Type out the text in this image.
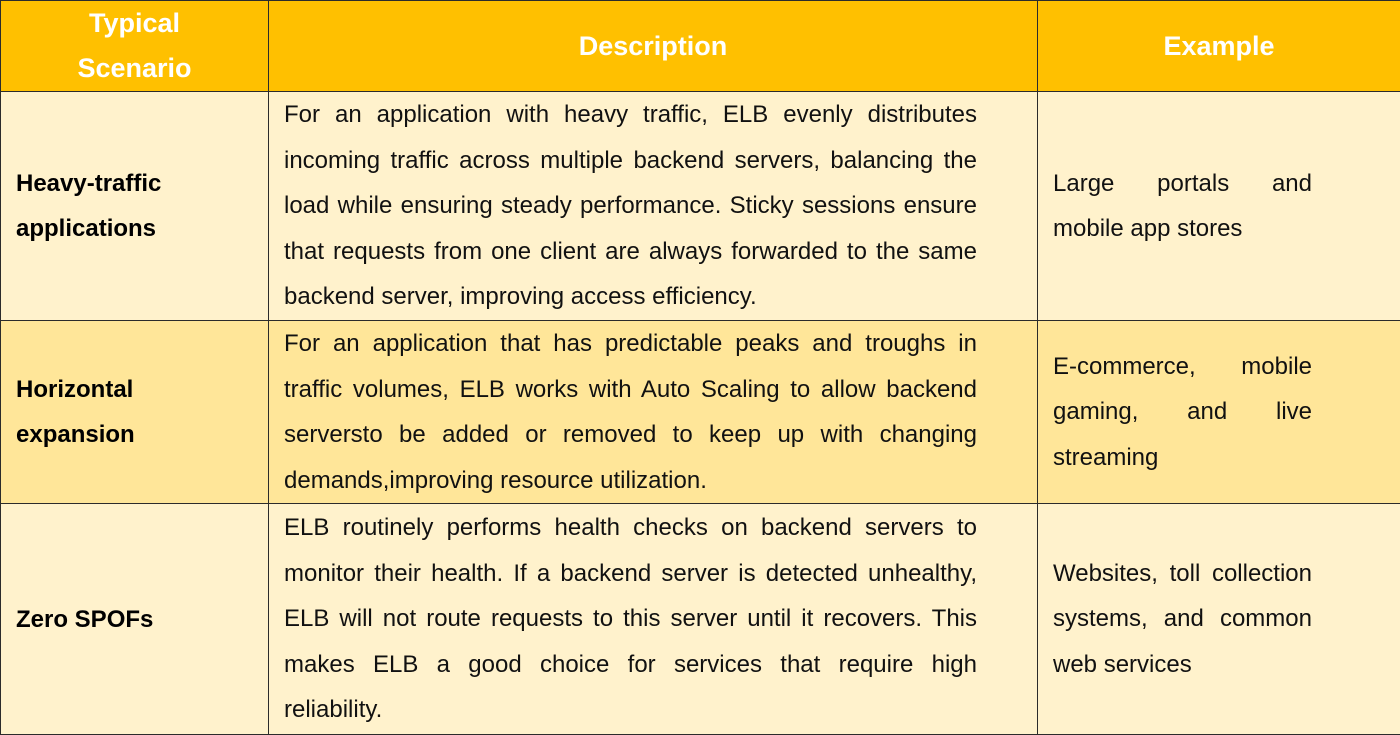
Typical Scenario	Description	Example
Heavy-traffic applications	For an application with heavy traffic, ELB evenly distributes incoming traffic across multiple backend servers, balancing the load while ensuring steady performance. Sticky sessions ensure that requests from one client are always forwarded to the same backend server, improving access efficiency.	Large portals and mobile app stores
Horizontal expansion	For an application that has predictable peaks and troughs in traffic volumes, ELB works with Auto Scaling to allow backend serversto be added or removed to keep up with changing demands,improving resource utilization.	E-commerce, mobile gaming, and live streaming
Zero SPOFs	ELB routinely performs health checks on backend servers to monitor their health. If a backend server is detected unhealthy, ELB will not route requests to this server until it recovers. This makes ELB a good choice for services that require high reliability.	Websites, toll collection systems, and common web services
